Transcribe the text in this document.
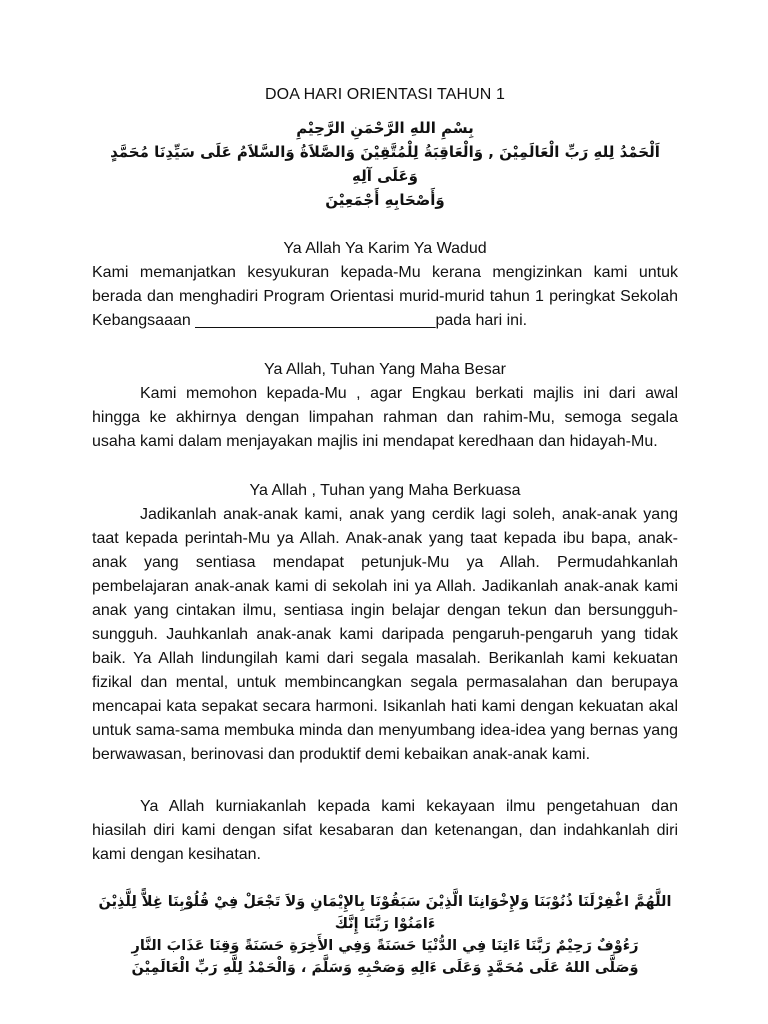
DOA HARI ORIENTASI TAHUN 1
بِسْمِ اللهِ الرَّحْمَنِ الرَّحِيْمِ
اَلْحَمْدُ لِلهِ رَبِّ الْعَالَمِيْنَ , وَالْعَاقِبَةُ لِلْمُتَّقِيْنَ وَالصَّلاَةُ وَالسَّلاَمُ عَلَى سَيِّدِنَا مُحَمَّدٍ وَعَلَى آلِهِ
وَأَصْحَابِهِ أَجْمَعِيْنَ
Ya Allah Ya Karim Ya Wadud

Kami memanjatkan kesyukuran kepada-Mu kerana mengizinkan kami untuk berada dan menghadiri Program Orientasi murid-murid tahun 1 peringkat Sekolah Kebangsaaan ___________________________pada hari ini.

Ya Allah, Tuhan Yang Maha Besar

Kami memohon kepada-Mu , agar Engkau berkati majlis ini dari awal hingga ke akhirnya dengan limpahan rahman dan rahim-Mu, semoga segala usaha kami dalam menjayakan majlis ini mendapat keredhaan dan hidayah-Mu.

Ya Allah , Tuhan yang Maha Berkuasa

Jadikanlah anak-anak kami, anak yang cerdik lagi soleh, anak-anak yang taat kepada perintah-Mu ya Allah. Anak-anak yang taat kepada ibu bapa, anak-anak yang sentiasa mendapat petunjuk-Mu ya Allah. Permudahkanlah pembelajaran anak-anak kami di sekolah ini ya Allah. Jadikanlah anak-anak kami anak yang cintakan ilmu, sentiasa ingin belajar dengan tekun dan bersungguh-sungguh. Jauhkanlah anak-anak kami daripada pengaruh-pengaruh yang tidak baik. Ya Allah lindungilah kami dari segala masalah. Berikanlah kami kekuatan fizikal dan mental, untuk membincangkan segala permasalahan dan berupaya mencapai kata sepakat secara harmoni. Isikanlah hati kami dengan kekuatan akal untuk sama-sama membuka minda dan menyumbang idea-idea yang bernas yang berwawasan, berinovasi dan produktif demi kebaikan anak-anak kami.

Ya Allah kurniakanlah kepada kami kekayaan ilmu pengetahuan dan hiasilah diri kami dengan sifat kesabaran dan ketenangan, dan indahkanlah diri kami dengan kesihatan.

اللَّهُمَّ اغْفِرْلَنَا ذُنُوْبَنَا وَلإِخْوَانِنَا الَّذِيْنَ سَبَقُوْنَا بِالإِيْمَانِ وَلاَ تَجْعَلْ فِيْ قُلُوْبِنَا غِلاًّ لِلَّذِيْنَ ءَامَنُوْا رَبَّنَا إِنَّكَ
رَءُوْفٌ رَحِيْمٌ رَبَّنَا ءَاتِنَا فِي الدُّنْيَا حَسَنَةً وَفِي الأَخِرَةِ حَسَنَةً وَقِنَا عَذَابَ النَّارِ
وَصَلَّى اللهُ عَلَى مُحَمَّدٍ وَعَلَى ءَالِهِ وَصَحْبِهِ وَسَلَّمَ ، وَالْحَمْدُ لِلَّهِ رَبِّ الْعَالَمِيْنَ
